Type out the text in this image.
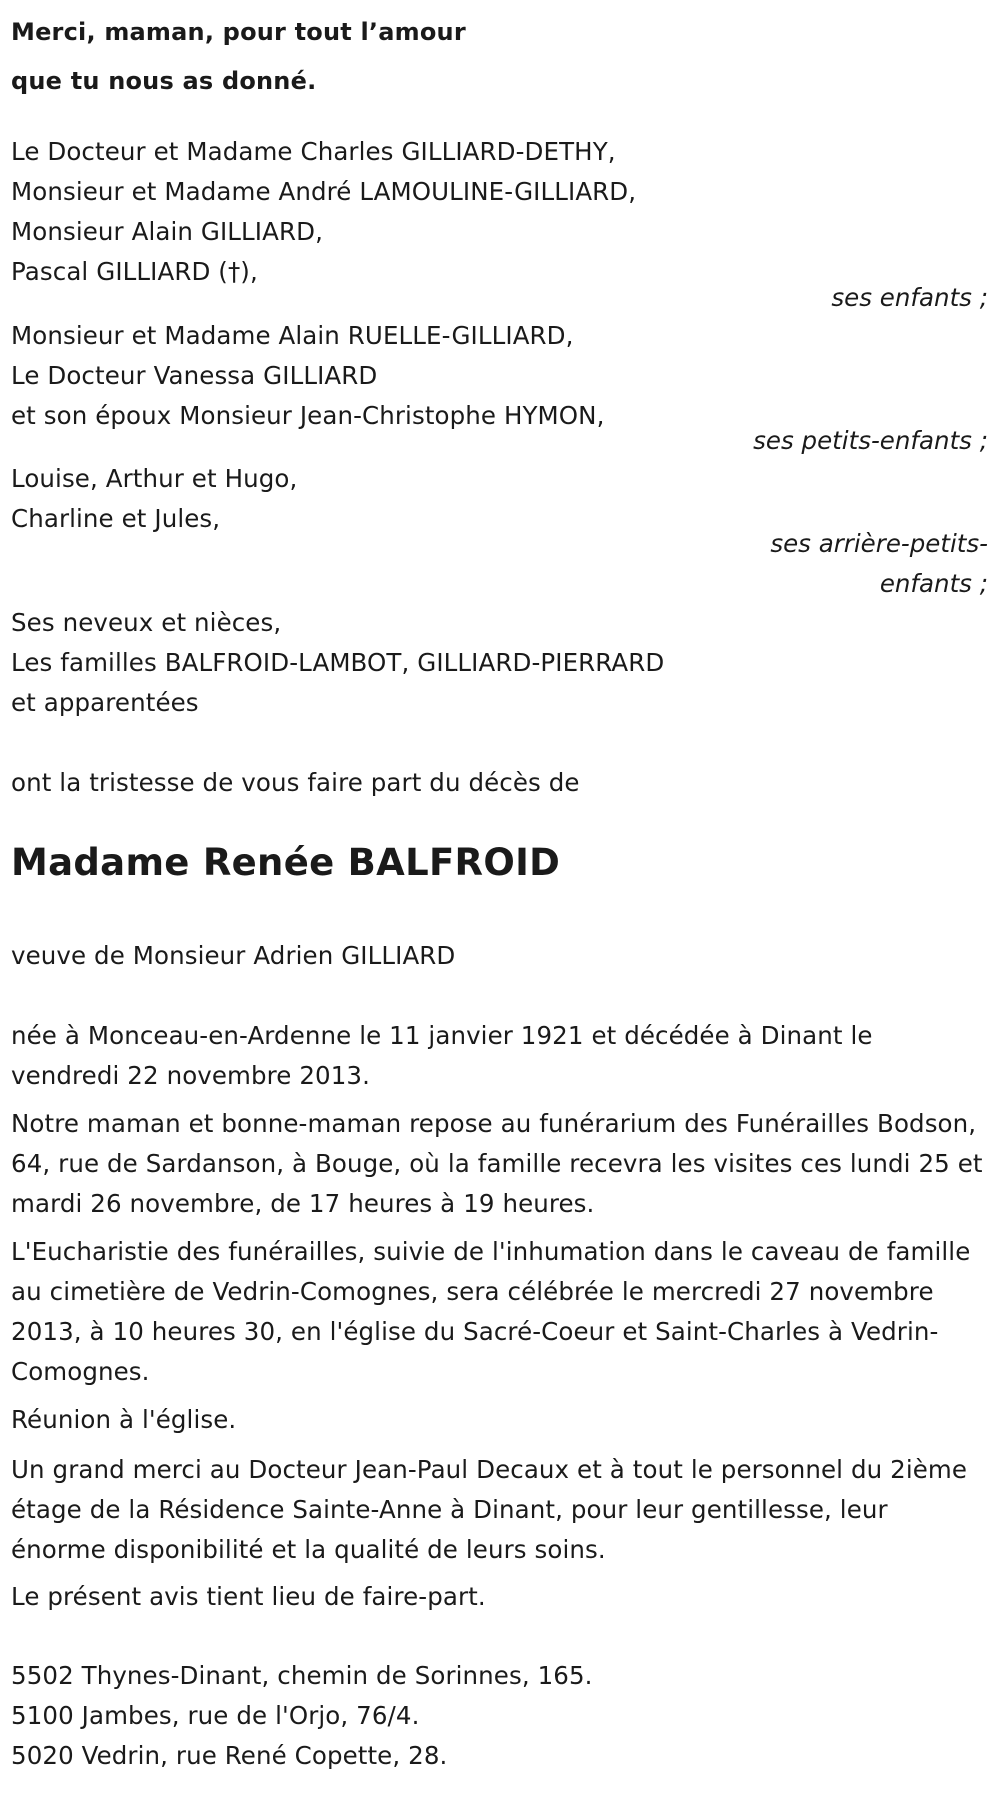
Merci, maman, pour tout l’amour
que tu nous as donné.
Le Docteur et Madame Charles GILLIARD-DETHY,
Monsieur et Madame André LAMOULINE-GILLIARD,
Monsieur Alain GILLIARD,
Pascal GILLIARD (†),
ses enfants ;
Monsieur et Madame Alain RUELLE-GILLIARD,
Le Docteur Vanessa GILLIARD
et son époux Monsieur Jean-Christophe HYMON,
ses petits-enfants ;
Louise, Arthur et Hugo,
Charline et Jules,
ses arrière-petits-
enfants ;
Ses neveux et nièces,
Les familles BALFROID-LAMBOT, GILLIARD-PIERRARD
et apparentées
ont la tristesse de vous faire part du décès de
Madame Renée BALFROID
veuve de Monsieur Adrien GILLIARD
née à Monceau-en-Ardenne le 11 janvier 1921 et décédée à Dinant le vendredi 22 novembre 2013.
Notre maman et bonne-maman repose au funérarium des Funérailles Bodson, 64, rue de Sardanson, à Bouge, où la famille recevra les visites ces lundi 25 et mardi 26 novembre, de 17 heures à 19 heures.
L'Eucharistie des funérailles, suivie de l'inhumation dans le caveau de famille au cimetière de Vedrin-Comognes, sera célébrée le mercredi 27 novembre 2013, à 10 heures 30, en l'église du Sacré-Coeur et Saint-Charles à Vedrin-Comognes.
Réunion à l'église.
Un grand merci au Docteur Jean-Paul Decaux et à tout le personnel du 2ième étage de la Résidence Sainte-Anne à Dinant, pour leur gentillesse, leur énorme disponibilité et la qualité de leurs soins.
Le présent avis tient lieu de faire-part.
5502 Thynes-Dinant, chemin de Sorinnes, 165.
5100 Jambes, rue de l'Orjo, 76/4.
5020 Vedrin, rue René Copette, 28.
